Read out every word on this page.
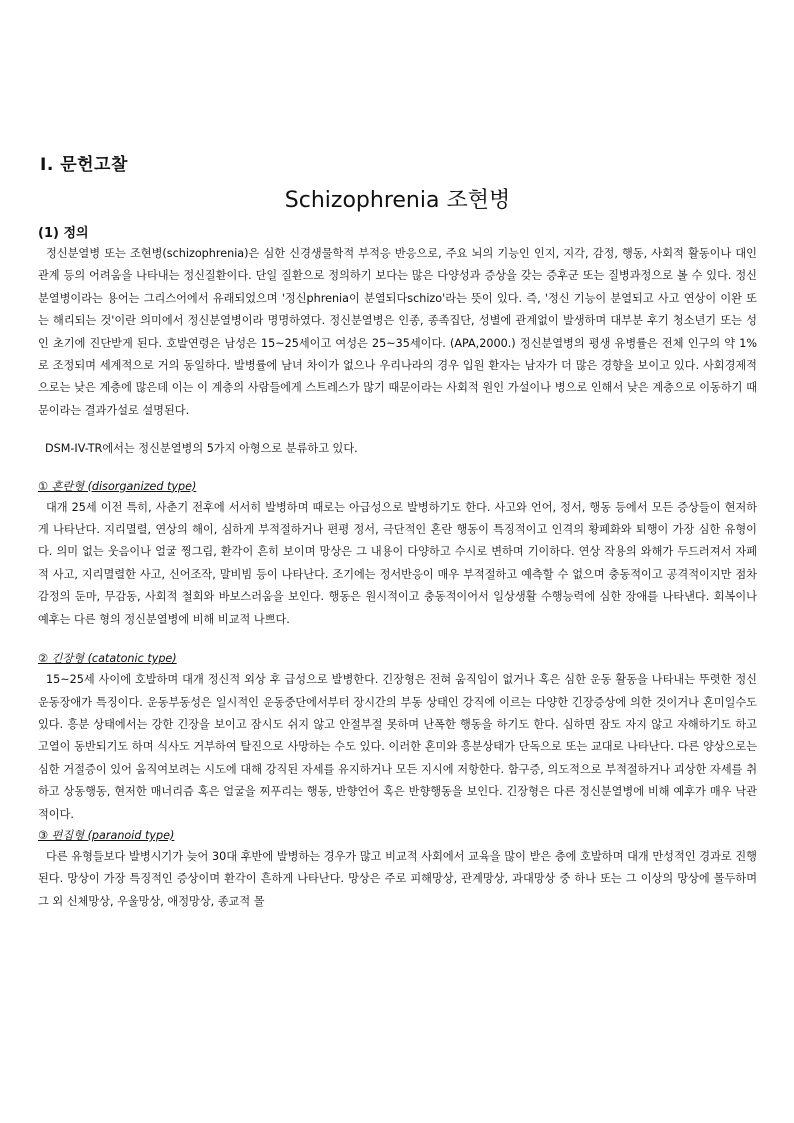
Ⅰ. 문헌고찰
Schizophrenia 조현병
(1) 정의

정신분열병 또는 조현병(schizophrenia)은 심한 신경생물학적 부적응 반응으로, 주요 뇌의 기능인 인지, 지각, 감정, 행동, 사회적 활동이나 대인관계 등의 어려움을 나타내는 정신질환이다. 단일 질환으로 정의하기 보다는 많은 다양성과 증상을 갖는 증후군 또는 질병과정으로 볼 수 있다. 정신분열병이라는 용어는 그리스어에서 유래되었으며 '정신phrenia이 분열되다schizo'라는 뜻이 있다. 즉, '정신 기능이 분열되고 사고 연상이 이완 또는 해리되는 것'이란 의미에서 정신분열병이라 명명하였다. 정신분열병은 인종, 종족집단, 성별에 관계없이 발생하며 대부분 후기 청소년기 또는 성인 초기에 진단받게 된다. 호발연령은 남성은 15~25세이고 여성은 25~35세이다. (APA,2000.) 정신분열병의 평생 유병률은 전체 인구의 약 1%로 조정되며 세계적으로 거의 동일하다. 발병률에 남녀 차이가 없으나 우리나라의 경우 입원 환자는 남자가 더 많은 경향을 보이고 있다. 사회경제적으로는 낮은 계층에 많은데 이는 이 계층의 사람들에게 스트레스가 많기 때문이라는 사회적 원인 가설이나 병으로 인해서 낮은 계층으로 이동하기 때문이라는 결과가설로 설명된다.

DSM-IV-TR에서는 정신분열병의 5가지 아형으로 분류하고 있다.

① 혼란형 (disorganized type)

대개 25세 이전 특히, 사춘기 전후에 서서히 발병하며 때로는 아급성으로 발병하기도 한다. 사고와 언어, 정서, 행동 등에서 모든 증상들이 현저하게 나타난다. 지리멸렬, 연상의 해이, 심하게 부적절하거나 편평 정서, 극단적인 혼란 행동이 특징적이고 인격의 황폐화와 퇴행이 가장 심한 유형이다. 의미 없는 웃음이나 얼굴 찡그림, 환각이 흔히 보이며 망상은 그 내용이 다양하고 수시로 변하며 기이하다. 연상 작용의 와해가 두드러져서 자폐적 사고, 지리멸렬한 사고, 신어조작, 말비빔 등이 나타난다. 조기에는 정서반응이 매우 부적절하고 예측할 수 없으며 충동적이고 공격적이지만 점차 감정의 둔마, 무감동, 사회적 철회와 바보스러움을 보인다. 행동은 원시적이고 충동적이어서 일상생활 수행능력에 심한 장애를 나타낸다. 회복이나 예후는 다른 형의 정신분열병에 비해 비교적 나쁘다.

② 긴장형 (catatonic type)

15~25세 사이에 호발하며 대개 정신적 외상 후 급성으로 발병한다. 긴장형은 전혀 움직임이 없거나 혹은 심한 운동 활동을 나타내는 뚜렷한 정신운동장애가 특징이다. 운동부동성은 일시적인 운동중단에서부터 장시간의 부동 상태인 강직에 이르는 다양한 긴장증상에 의한 것이거나 혼미일수도 있다. 흥분 상태에서는 강한 긴장을 보이고 잠시도 쉬지 않고 안절부절 못하며 난폭한 행동을 하기도 한다. 심하면 잠도 자지 않고 자해하기도 하고 고열이 동반되기도 하며 식사도 거부하여 탈진으로 사망하는 수도 있다. 이러한 혼미와 흥분상태가 단독으로 또는 교대로 나타난다. 다른 양상으로는 심한 거절증이 있어 움직여보려는 시도에 대해 강직된 자세를 유지하거나 모든 지시에 저항한다. 함구증, 의도적으로 부적절하거나 괴상한 자세를 취하고 상동행동, 현저한 매너리즘 혹은 얼굴을 찌푸리는 행동, 반향언어 혹은 반향행동을 보인다. 긴장형은 다른 정신분열병에 비해 예후가 매우 낙관적이다.

③ 편집형 (paranoid type)

다른 유형들보다 발병시기가 늦어 30대 후반에 발병하는 경우가 많고 비교적 사회에서 교육을 많이 받은 층에 호발하며 대개 만성적인 경과로 진행된다. 망상이 가장 특징적인 증상이며 환각이 흔하게 나타난다. 망상은 주로 피해망상, 관계망상, 과대망상 중 하나 또는 그 이상의 망상에 몰두하며 그 외 신체망상, 우울망상, 애정망상, 종교적 몰
